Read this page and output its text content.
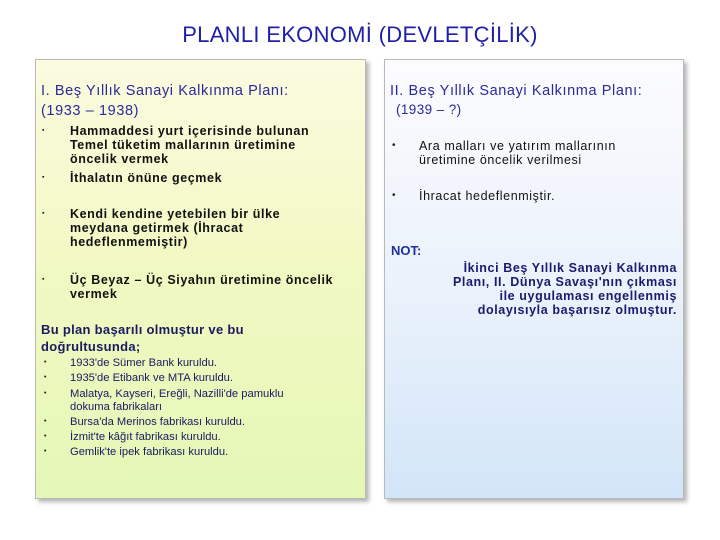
PLANLI EKONOMİ (DEVLETÇİLİK)
I. Beş Yıllık Sanayi Kalkınma Planı:
(1933 – 1938)
▪ Hammaddesi yurt içerisinde bulunan
Temel tüketim mallarının üretimine
öncelik vermek
▪ İthalatın önüne geçmek
▪ Kendi kendine yetebilen bir ülke
meydana getirmek (İhracat
hedeflenmemiştir)
▪ Üç Beyaz – Üç Siyahın üretimine öncelik
vermek
Bu plan başarılı olmuştur ve bu
doğrultusunda;
• 1933'de Sümer Bank kuruldu.
• 1935'de Etibank ve MTA kuruldu.
• Malatya, Kayseri, Ereğli, Nazilli'de pamuklu
dokuma fabrikaları
• Bursa'da Merinos fabrikası kuruldu.
• İzmit'te kâğıt fabrikası kuruldu.
• Gemlik'te ipek fabrikası kuruldu.
II. Beş Yıllık Sanayi Kalkınma Planı:
(1939 – ?)
• Ara malları ve yatırım mallarının
üretimine öncelik verilmesi
• İhracat hedeflenmiştir.
NOT:
İkinci Beş Yıllık Sanayi Kalkınma
Planı, II. Dünya Savaşı'nın çıkması
ile uygulaması engellenmiş
dolayısıyla başarısız olmuştur.
